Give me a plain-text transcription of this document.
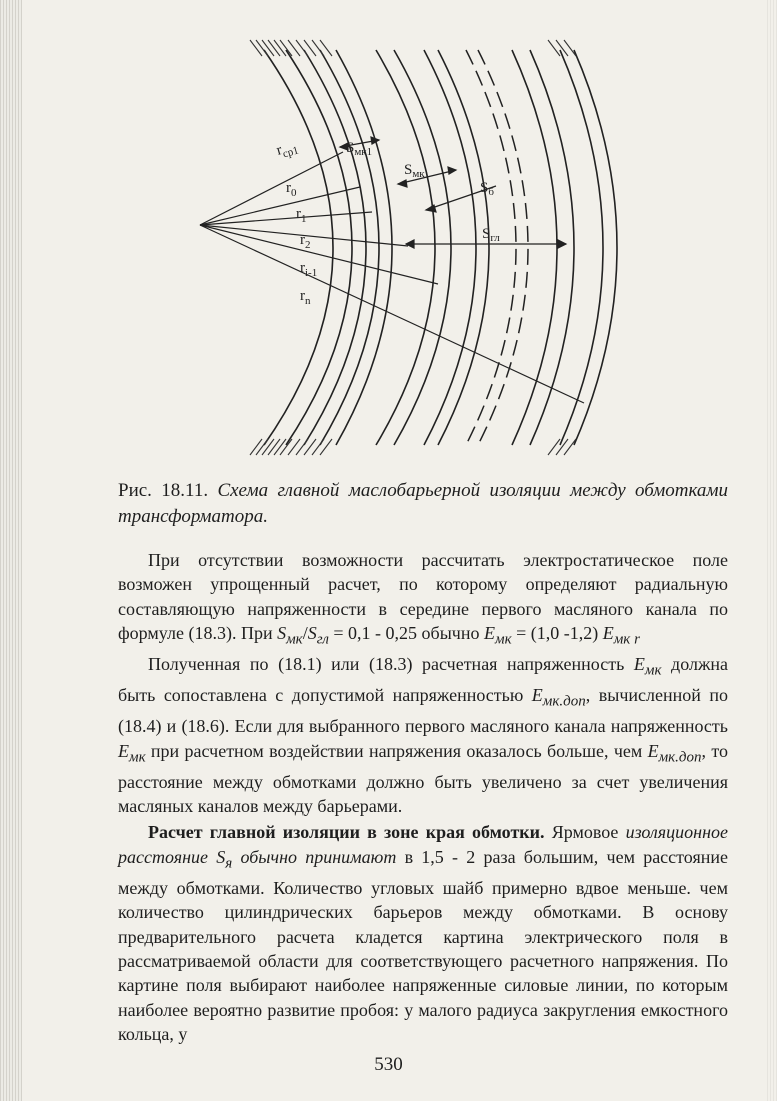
$r_{cp1}$
$r_0$
$r_1$
$r_2$
$r_{i-1}$
$r_n$
$S_{мк1}$
$S_{мк}$
$S_б$
$S_{гл}$
Рис. 18.11. Схема главной маслобарьерной изоляции между обмотками трансформатора.

При отсутствии возможности рассчитать электростатическое поле возможен упрощенный расчет, по которому определяют радиальную составляющую напряженности в середине первого масляного канала по формуле (18.3). При $S_{мк}/S_{гл} = 0,1 - 0,25$ обычно $E_{мк} = (1,0$ -1,2) $E_{мк r}$

Полученная по (18.1) или (18.3) расчетная напряженность $E_{мк}$ должна быть сопоставлена с допустимой напряженностью $E_{мк.доп}$, вычисленной по (18.4) и (18.6). Если для выбранного первого масляного канала напряженность $E_{мк}$ при расчетном воздействии напряжения оказалось больше, чем $E_{мк.доп}$, то расстояние между обмотками должно быть увеличено за счет увеличения масляных каналов между барьерами.

Расчет главной изоляции в зоне края обмотки. Ярмовое изоляционное расстояние $S_я$ обычно принимают в 1,5 - 2 раза большим, чем расстояние между обмотками. Количество угловых шайб примерно вдвое меньше. чем количество цилиндрических барьеров между обмотками. В основу предварительного расчета кладется картина электрического поля в рассматриваемой области для соответствующего расчетного напряжения. По картине поля выбирают наиболее напряженные силовые линии, по которым наиболее вероятно развитие пробоя: у малого радиуса закругления емкостного кольца, у

530
